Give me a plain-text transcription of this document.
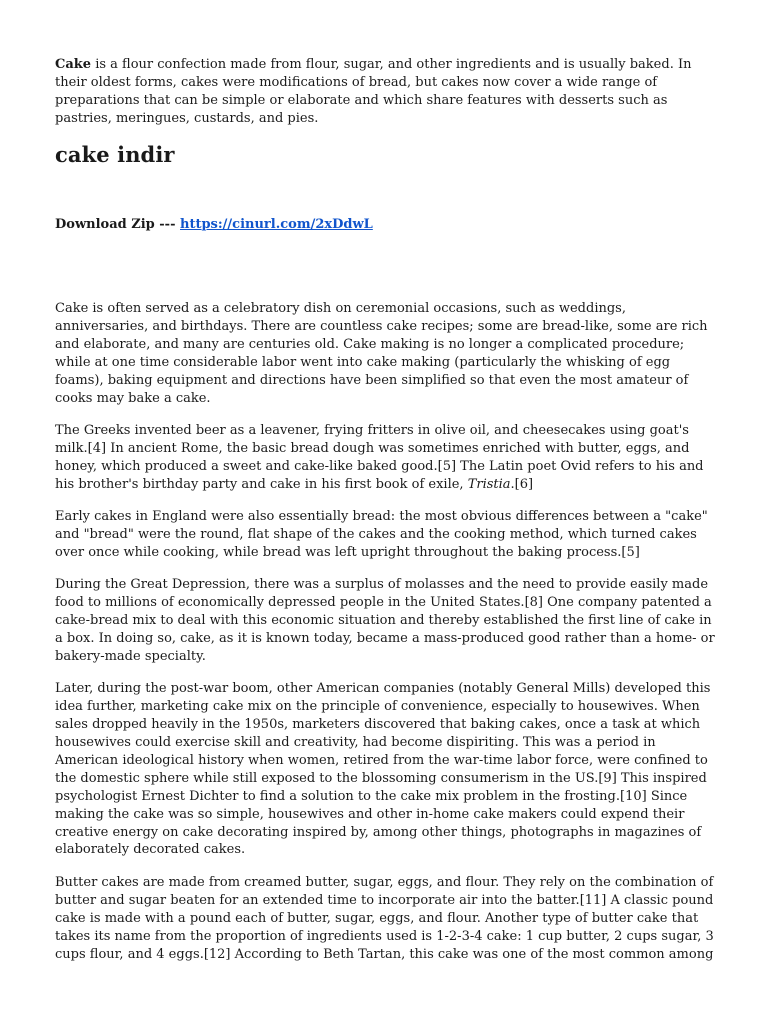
Cake is a flour confection made from flour, sugar, and other ingredients and is usually baked. In their oldest forms, cakes were modifications of bread, but cakes now cover a wide range of preparations that can be simple or elaborate and which share features with desserts such as pastries, meringues, custards, and pies.

cake indir
Download Zip --- https://cinurl.com/2xDdwL

Cake is often served as a celebratory dish on ceremonial occasions, such as weddings, anniversaries, and birthdays. There are countless cake recipes; some are bread-like, some are rich and elaborate, and many are centuries old. Cake making is no longer a complicated procedure; while at one time considerable labor went into cake making (particularly the whisking of egg foams), baking equipment and directions have been simplified so that even the most amateur of cooks may bake a cake.

The Greeks invented beer as a leavener, frying fritters in olive oil, and cheesecakes using goat's milk.[4] In ancient Rome, the basic bread dough was sometimes enriched with butter, eggs, and honey, which produced a sweet and cake-like baked good.[5] The Latin poet Ovid refers to his and his brother's birthday party and cake in his first book of exile, Tristia.[6]

Early cakes in England were also essentially bread: the most obvious differences between a "cake" and "bread" were the round, flat shape of the cakes and the cooking method, which turned cakes over once while cooking, while bread was left upright throughout the baking process.[5]

During the Great Depression, there was a surplus of molasses and the need to provide easily made food to millions of economically depressed people in the United States.[8] One company patented a cake-bread mix to deal with this economic situation and thereby established the first line of cake in a box. In doing so, cake, as it is known today, became a mass-produced good rather than a home- or bakery-made specialty.

Later, during the post-war boom, other American companies (notably General Mills) developed this idea further, marketing cake mix on the principle of convenience, especially to housewives. When sales dropped heavily in the 1950s, marketers discovered that baking cakes, once a task at which housewives could exercise skill and creativity, had become dispiriting. This was a period in American ideological history when women, retired from the war-time labor force, were confined to the domestic sphere while still exposed to the blossoming consumerism in the US.[9] This inspired psychologist Ernest Dichter to find a solution to the cake mix problem in the frosting.[10] Since making the cake was so simple, housewives and other in-home cake makers could expend their creative energy on cake decorating inspired by, among other things, photographs in magazines of elaborately decorated cakes.

Butter cakes are made from creamed butter, sugar, eggs, and flour. They rely on the combination of butter and sugar beaten for an extended time to incorporate air into the batter.[11] A classic pound cake is made with a pound each of butter, sugar, eggs, and flour. Another type of butter cake that takes its name from the proportion of ingredients used is 1-2-3-4 cake: 1 cup butter, 2 cups sugar, 3 cups flour, and 4 eggs.[12] According to Beth Tartan, this cake was one of the most common among
